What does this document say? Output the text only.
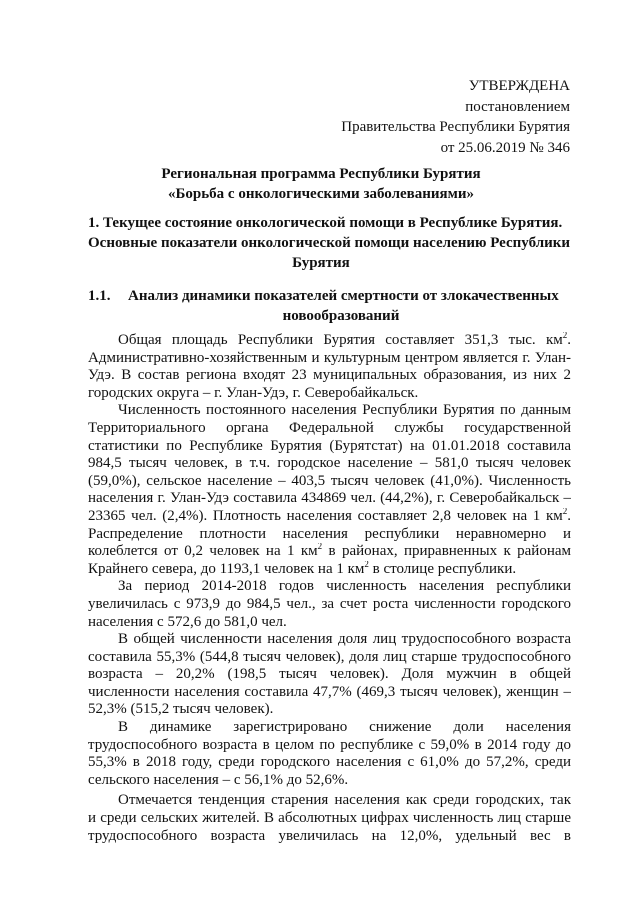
УТВЕРЖДЕНА
постановлением
Правительства Республики Бурятия
от 25.06.2019 № 346
Региональная программа Республики Бурятия
«Борьба с онкологическими заболеваниями»
1. Текущее состояние онкологической помощи в Республике Бурятия.
Основные показатели онкологической помощи населению Республики
Бурятия
1.1. Анализ динамики показателей смертности от злокачественных
новообразований
Общая площадь Республики Бурятия составляет 351,3 тыс. $км^2$.
Административно-хозяйственным и культурным центром является г. Улан-
Удэ. В состав региона входят 23 муниципальных образования, из них 2
городских округа – г. Улан-Удэ, г. Северобайкальск.
Численность постоянного населения Республики Бурятия по данным
Территориального органа Федеральной службы государственной
статистики по Республике Бурятия (Бурятстат) на 01.01.2018 составила
984,5 тысяч человек, в т.ч. городское население – 581,0 тысяч человек
(59,0%), сельское население – 403,5 тысяч человек (41,0%). Численность
населения г. Улан-Удэ составила 434869 чел. (44,2%), г. Северобайкальск –
23365 чел. (2,4%). Плотность населения составляет 2,8 человек на 1 $км^2$.
Распределение плотности населения республики неравномерно и
колеблется от 0,2 человек на 1 $км^2$ в районах, приравненных к районам
Крайнего севера, до 1193,1 человек на 1 $км^2$ в столице республики.
За период 2014-2018 годов численность населения республики
увеличилась с 973,9 до 984,5 чел., за счет роста численности городского
населения с 572,6 до 581,0 чел.
В общей численности населения доля лиц трудоспособного возраста
составила 55,3% (544,8 тысяч человек), доля лиц старше трудоспособного
возраста – 20,2% (198,5 тысяч человек). Доля мужчин в общей
численности населения составила 47,7% (469,3 тысяч человек), женщин –
52,3% (515,2 тысяч человек).
В динамике зарегистрировано снижение доли населения
трудоспособного возраста в целом по республике с 59,0% в 2014 году до
55,3% в 2018 году, среди городского населения с 61,0% до 57,2%, среди
сельского населения – с 56,1% до 52,6%.
Отмечается тенденция старения населения как среди городских, так
и среди сельских жителей. В абсолютных цифрах численность лиц старше
трудоспособного возраста увеличилась на 12,0%, удельный вес в
